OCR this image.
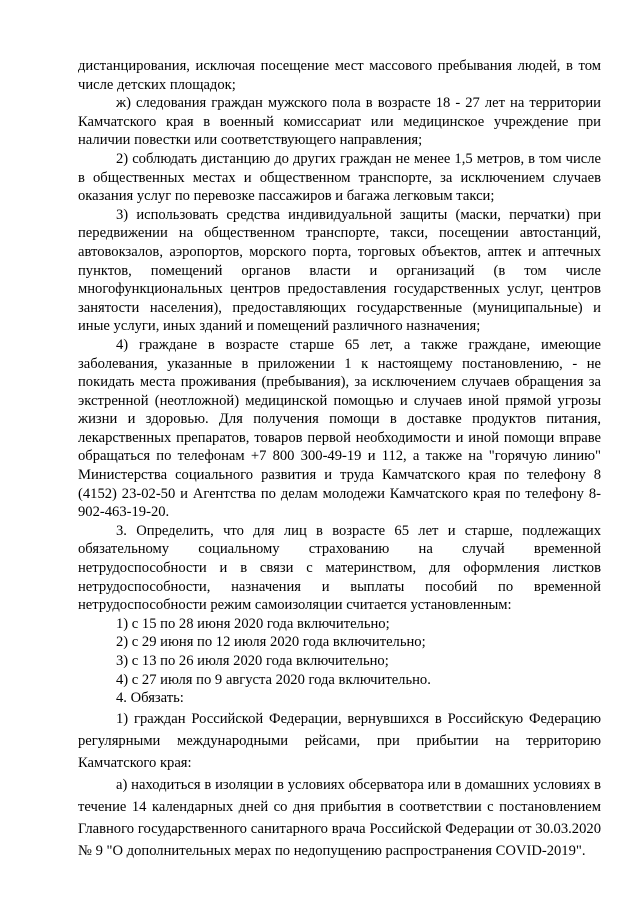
дистанцирования, исключая посещение мест массового пребывания людей, в том числе детских площадок;

ж) следования граждан мужского пола в возрасте 18 - 27 лет на территории Камчатского края в военный комиссариат или медицинское учреждение при наличии повестки или соответствующего направления;

2) соблюдать дистанцию до других граждан не менее 1,5 метров, в том числе в общественных местах и общественном транспорте, за исключением случаев оказания услуг по перевозке пассажиров и багажа легковым такси;

3) использовать средства индивидуальной защиты (маски, перчатки) при передвижении на общественном транспорте, такси, посещении автостанций, автовокзалов, аэропортов, морского порта, торговых объектов, аптек и аптечных пунктов, помещений органов власти и организаций (в том числе многофункциональных центров предоставления государственных услуг, центров занятости населения), предоставляющих государственные (муниципальные) и иные услуги, иных зданий и помещений различного назначения;

4) граждане в возрасте старше 65 лет, а также граждане, имеющие заболевания, указанные в приложении 1 к настоящему постановлению, - не покидать места проживания (пребывания), за исключением случаев обращения за экстренной (неотложной) медицинской помощью и случаев иной прямой угрозы жизни и здоровью. Для получения помощи в доставке продуктов питания, лекарственных препаратов, товаров первой необходимости и иной помощи вправе обращаться по телефонам +7 800 300-49-19 и 112, а также на "горячую линию" Министерства социального развития и труда Камчатского края по телефону 8 (4152) 23-02-50 и Агентства по делам молодежи Камчатского края по телефону 8-902-463-19-20.

3. Определить, что для лиц в возрасте 65 лет и старше, подлежащих обязательному социальному страхованию на случай временной нетрудоспособности и в связи с материнством, для оформления листков нетрудоспособности, назначения и выплаты пособий по временной нетрудоспособности режим самоизоляции считается установленным:

1) с 15 по 28 июня 2020 года включительно;

2) с 29 июня по 12 июля 2020 года включительно;

3) с 13 по 26 июля 2020 года включительно;

4) с 27 июля по 9 августа 2020 года включительно.

4. Обязать:

1) граждан Российской Федерации, вернувшихся в Российскую Федерацию регулярными международными рейсами, при прибытии на территорию Камчатского края:

а) находиться в изоляции в условиях обсерватора или в домашних условиях в течение 14 календарных дней со дня прибытия в соответствии с постановлением Главного государственного санитарного врача Российской Федерации от 30.03.2020 № 9 "О дополнительных мерах по недопущению распространения COVID-2019".
